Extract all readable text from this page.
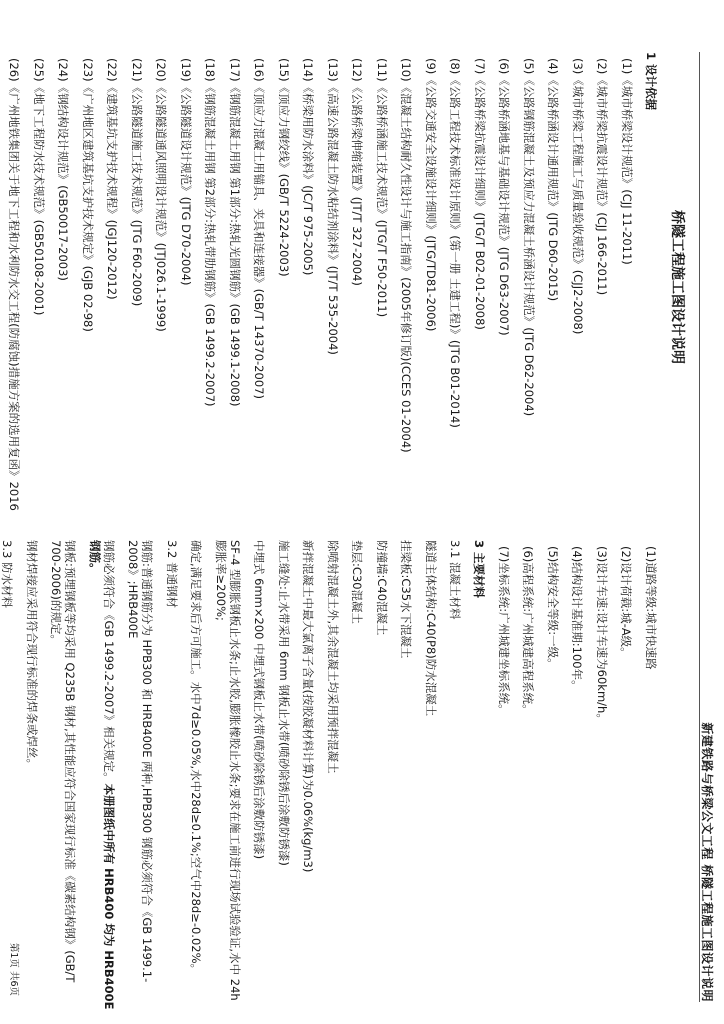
新建铁路与桥梁公文工程 桥隧工程施工图设计说明
桥隧工程施工图设计说明

1 设计依据

(1)《城市桥梁设计规范》(CJJ 11-2011)

(2)《城市桥梁抗震设计规范》(CJJ 166-2011)

(3)《城市桥梁工程施工与质量验收规范》(CJJ2-2008)

(4)《公路桥涵设计通用规范》(JTG D60-2015)

(5)《公路钢筋混凝土及预应力混凝土桥涵设计规范》(JTG D62-2004)

(6)《公路桥涵地基与基础设计规范》(JTG D63-2007)

(7)《公路桥梁抗震设计细则》(JTG/T B02-01-2008)

(8)《公路工程技术标准设计原则》(第一册 土建工程)》(JTG B01-2014)

(9)《公路交通安全设施设计细则》(JTG/TD81-2006)

(10)《混凝土结构耐久性设计与施工指南》(2005年修订版)(CCES 01-2004)

(11)《公路桥涵施工技术规范》(JTG/T F50-2011)

(12)《公路桥梁伸缩装置》(JT/T 327-2004)

(13)《高速公路混凝土防水粘结剂涂料》(JT/T 535-2004)

(14)《桥梁用防水涂料》(JC/T 975-2005)

(15)《顶应力钢绞线》(GB/T 5224-2003)

(16)《顶应力混凝土用锚具、夹具和连接器》(GB/T 14370-2007)

(17)《钢筋混凝土用钢 第1部分:热轧光圆钢筋》(GB 1499.1-2008)

(18)《钢筋混凝土用钢 第2部分:热轧带肋钢筋》(GB 1499.2-2007)

(19)《公路隧道设计规范》(JTG D70-2004)

(20)《公路隧道通风照明设计规范》(JTJ026.1-1999)

(21)《公路隧道施工技术规范》(JTG F60-2009)

(22)《建筑基坑支护技术规程》(JGJ120-2012)

(23)《广州地区建筑基坑支护技术规定》(GJB 02-98)

(24)《钢结构设计规范》(GB50017-2003)

(25)《地下工程防水技术规范》(GB50108-2001)

(26)《广州地铁集团关于地下工程和水利防水交工程(防腐蚀)措施方案的选用复函》2016

(1)道路等级:城市快速路

(2)设计荷载:城-A级。

(3)设计车速:设计车速为60km/h。

(4)结构设计基准期:100年。

(5)结构安全等级:一级。

(6)高程系统:广州城建高程系统。

(7)坐标系统:广州城建坐标系统。

3 主要材料

3.1 混凝土材料

隧道主体结构:C40(P8)防水混凝土

挂梁板:C35水下混凝土

防撞墙:C40混凝土

垫层:C30混凝土

除喷射混凝土外,其余混凝土均采用预拌混凝土

新拌混凝土中最大氯离子含量(按胶凝材料计算)为0.06%(kg/m3)

施工缝处:止水带采用 6mm 钢板止水带(喷砂除锈后涂敷防锈漆)

中埋式 6mm×200 中埋式钢板止水带(喷砂除锈后涂敷防锈漆)

SF-4 型膨胀钢板止水条;止水胶,膨胀橡胶止水条;要求在施工前进行现场试验验证,水中 24h 膨胀率≥200%;

确定,满足要求后方可施工。水中7d≥0.05%,水中28d≥0.1%;空气中28d≥-0.02%。

3.2 普通钢材

钢筋:普通钢筋分为 HPB300 和 HRB400E 两种,HPB300 钢筋必须符合《GB 1499.1-2008》;HRB400E

钢筋必须符合《GB 1499.2-2007》相关规定。本册图纸中所有 HRB400 均为 HRB400E 钢筋。

钢板:预埋钢板等均采用 Q235B 钢材,其性能应符合国家现行标准《碳素结构钢》(GB/T 700-2006)的规定。

钢材焊接应采用符合现行标准的焊条或焊丝。

3.3 防水材料

第1页 共6页
